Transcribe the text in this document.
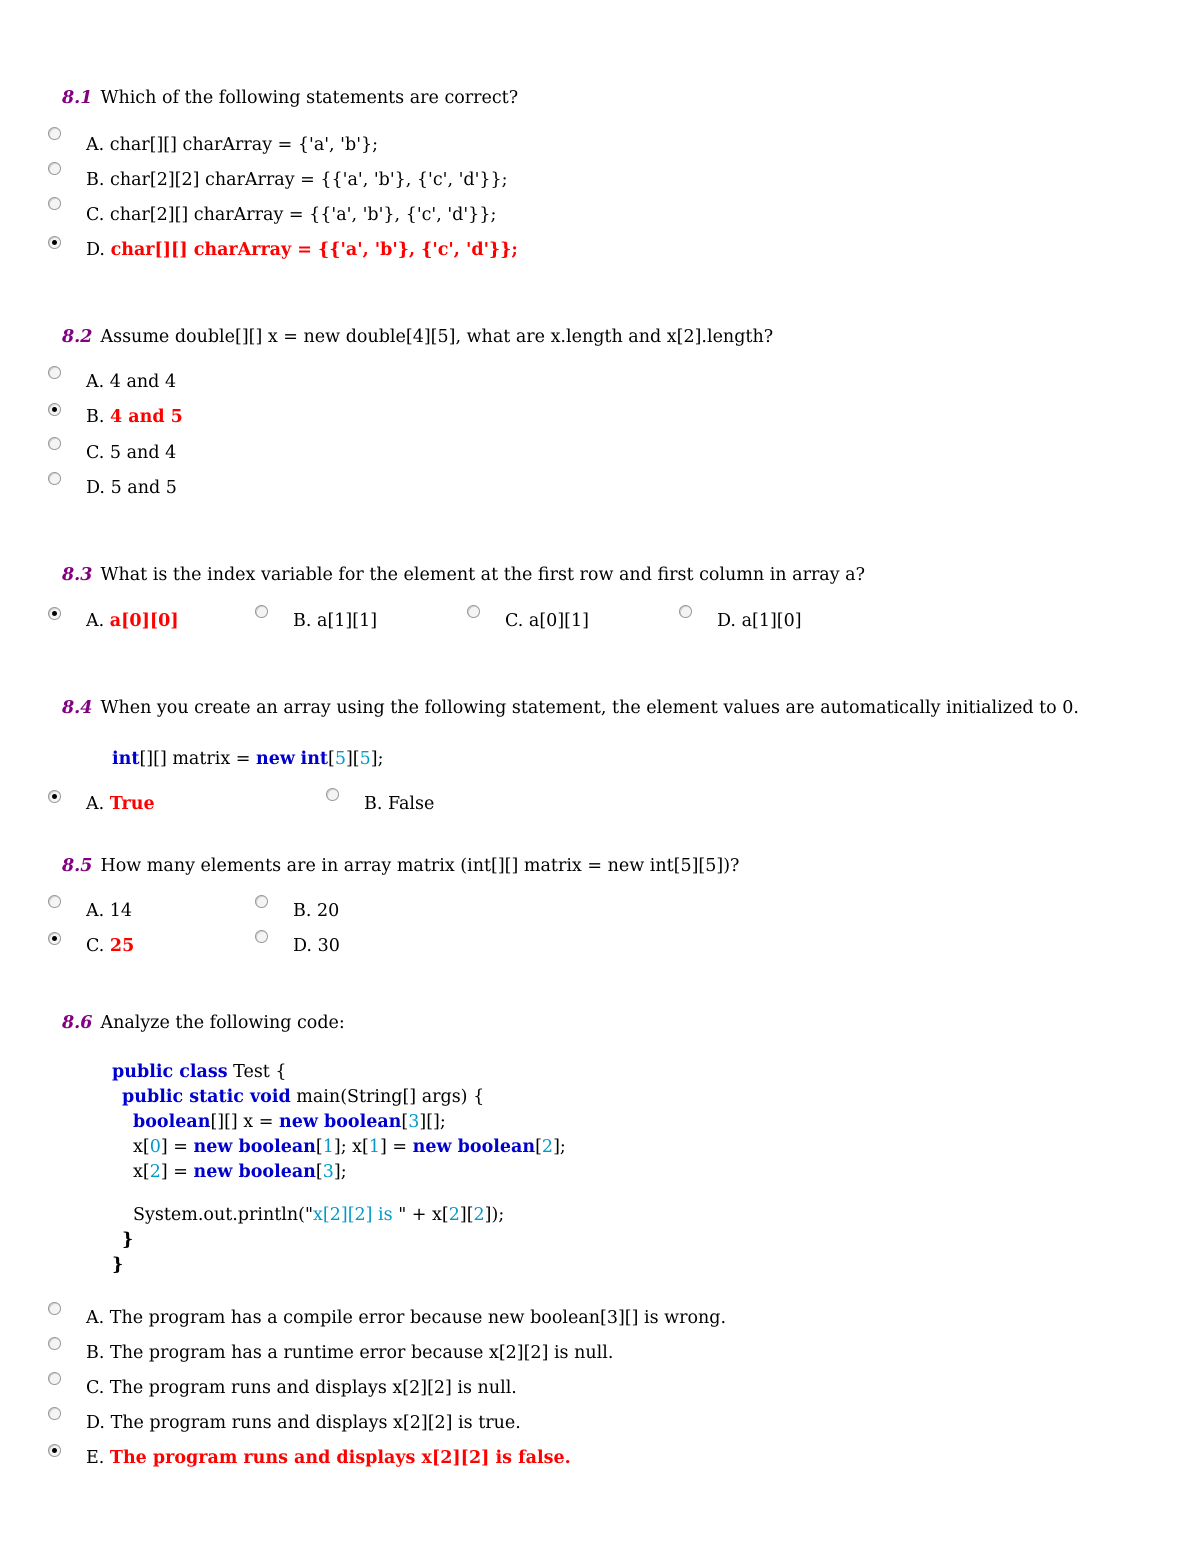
8.1 Which of the following statements are correct?
A. char[][] charArray = {'a', 'b'};
B. char[2][2] charArray = {{'a', 'b'}, {'c', 'd'}};
C. char[2][] charArray = {{'a', 'b'}, {'c', 'd'}};
D. char[][] charArray = {{'a', 'b'}, {'c', 'd'}};
8.2 Assume double[][] x = new double[4][5], what are x.length and x[2].length?
A. 4 and 4
B. 4 and 5
C. 5 and 4
D. 5 and 5
8.3 What is the index variable for the element at the first row and first column in array a?
A. a[0][0]	B. a[1][1]	C. a[0][1]	D. a[1][0]
8.4 When you create an array using the following statement, the element values are automatically initialized to 0.
int[][] matrix = new int[5][5];
A. True	B. False
8.5 How many elements are in array matrix (int[][] matrix = new int[5][5])?
A. 14	B. 20
C. 25	D. 30
8.6 Analyze the following code:
public class Test {
public static void main(String[] args) {
boolean[][] x = new boolean[3][];
x[0] = new boolean[1]; x[1] = new boolean[2];
x[2] = new boolean[3];
System.out.println("x[2][2] is " + x[2][2]);
}
}
A. The program has a compile error because new boolean[3][] is wrong.
B. The program has a runtime error because x[2][2] is null.
C. The program runs and displays x[2][2] is null.
D. The program runs and displays x[2][2] is true.
E. The program runs and displays x[2][2] is false.
